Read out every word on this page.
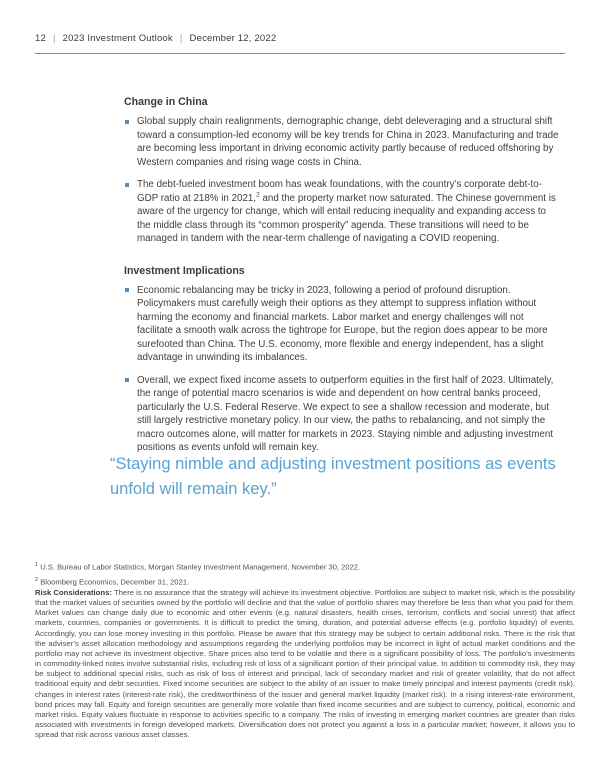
12 | 2023 Investment Outlook | December 12, 2022
Change in China
Global supply chain realignments, demographic change, debt deleveraging and a structural shift toward a consumption-led economy will be key trends for China in 2023. Manufacturing and trade are becoming less important in driving economic activity partly because of reduced offshoring by Western companies and rising wage costs in China.
The debt-fueled investment boom has weak foundations, with the country’s corporate debt-to-GDP ratio at 218% in 2021,$^2$ and the property market now saturated. The Chinese government is aware of the urgency for change, which will entail reducing inequality and expanding access to the middle class through its “common prosperity” agenda. These transitions will need to be managed in tandem with the near-term challenge of navigating a COVID reopening.
Investment Implications
Economic rebalancing may be tricky in 2023, following a period of profound disruption. Policymakers must carefully weigh their options as they attempt to suppress inflation without harming the economy and financial markets. Labor market and energy challenges will not facilitate a smooth walk across the tightrope for Europe, but the region does appear to be more surefooted than China. The U.S. economy, more flexible and energy independent, has a slight advantage in unwinding its imbalances.
Overall, we expect fixed income assets to outperform equities in the first half of 2023. Ultimately, the range of potential macro scenarios is wide and dependent on how central banks proceed, particularly the U.S. Federal Reserve. We expect to see a shallow recession and moderate, but still largely restrictive monetary policy. In our view, the paths to rebalancing, and not simply the macro outcomes alone, will matter for markets in 2023. Staying nimble and adjusting investment positions as events unfold will remain key.
“Staying nimble and adjusting investment positions as events unfold will remain key.”

$^1$ U.S. Bureau of Labor Statistics, Morgan Stanley Investment Management, November 30, 2022.

$^2$ Bloomberg Economics, December 31, 2021.

Risk Considerations: There is no assurance that the strategy will achieve its investment objective. Portfolios are subject to market risk, which is the possibility that the market values of securities owned by the portfolio will decline and that the value of portfolio shares may therefore be less than what you paid for them. Market values can change daily due to economic and other events (e.g. natural disasters, health crises, terrorism, conflicts and social unrest) that affect markets, countries, companies or governments. It is difficult to predict the timing, duration, and potential adverse effects (e.g. portfolio liquidity) of events. Accordingly, you can lose money investing in this portfolio. Please be aware that this strategy may be subject to certain additional risks. There is the risk that the adviser’s asset allocation methodology and assumptions regarding the underlying portfolios may be incorrect in light of actual market conditions and the portfolio may not achieve its investment objective. Share prices also tend to be volatile and there is a significant possibility of loss. The portfolio’s investments in commodity-linked notes involve substantial risks, including risk of loss of a significant portion of their principal value. In addition to commodity risk, they may be subject to additional special risks, such as risk of loss of interest and principal, lack of secondary market and risk of greater volatility, that do not affect traditional equity and debt securities. Fixed income securities are subject to the ability of an issuer to make timely principal and interest payments (credit risk), changes in interest rates (interest-rate risk), the creditworthiness of the issuer and general market liquidity (market risk). In a rising interest-rate environment, bond prices may fall. Equity and foreign securities are generally more volatile than fixed income securities and are subject to currency, political, economic and market risks. Equity values fluctuate in response to activities specific to a company. The risks of investing in emerging market countries are greater than risks associated with investments in foreign developed markets. Diversification does not protect you against a loss in a particular market; however, it allows you to spread that risk across various asset classes.
